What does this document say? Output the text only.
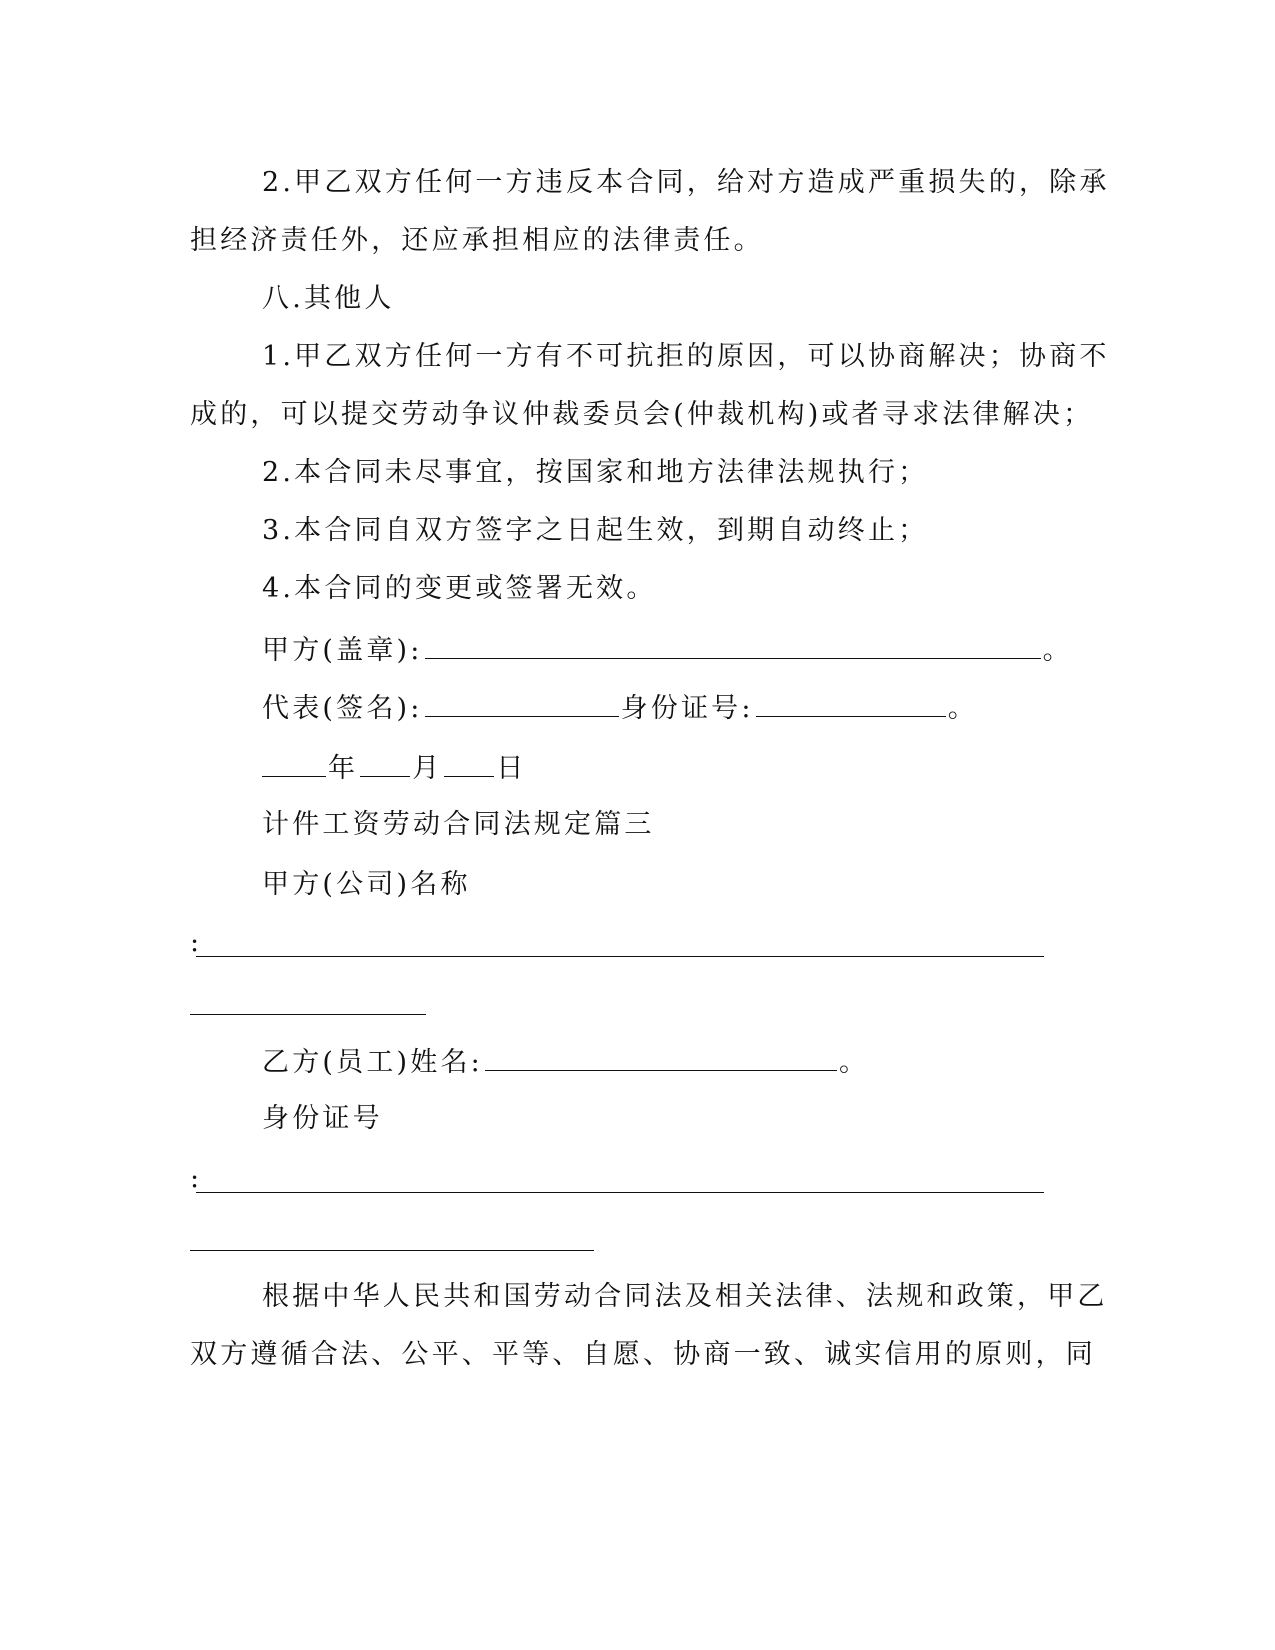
2.甲乙双方任何一方违反本合同，给对方造成严重损失的，除承
担经济责任外，还应承担相应的法律责任。
八.其他人
1.甲乙双方任何一方有不可抗拒的原因，可以协商解决；协商不
成的，可以提交劳动争议仲裁委员会(仲裁机构)或者寻求法律解决；
2.本合同未尽事宜，按国家和地方法律法规执行；
3.本合同自双方签字之日起生效，到期自动终止；
4.本合同的变更或签署无效。
甲方(盖章):	。
代表(签名):	身份证号:	。
年 月 日
计件工资劳动合同法规定篇三
甲方(公司)名称
:
乙方(员工)姓名:	。
身份证号
:
根据中华人民共和国劳动合同法及相关法律、法规和政策，甲乙
双方遵循合法、公平、平等、自愿、协商一致、诚实信用的原则，同
